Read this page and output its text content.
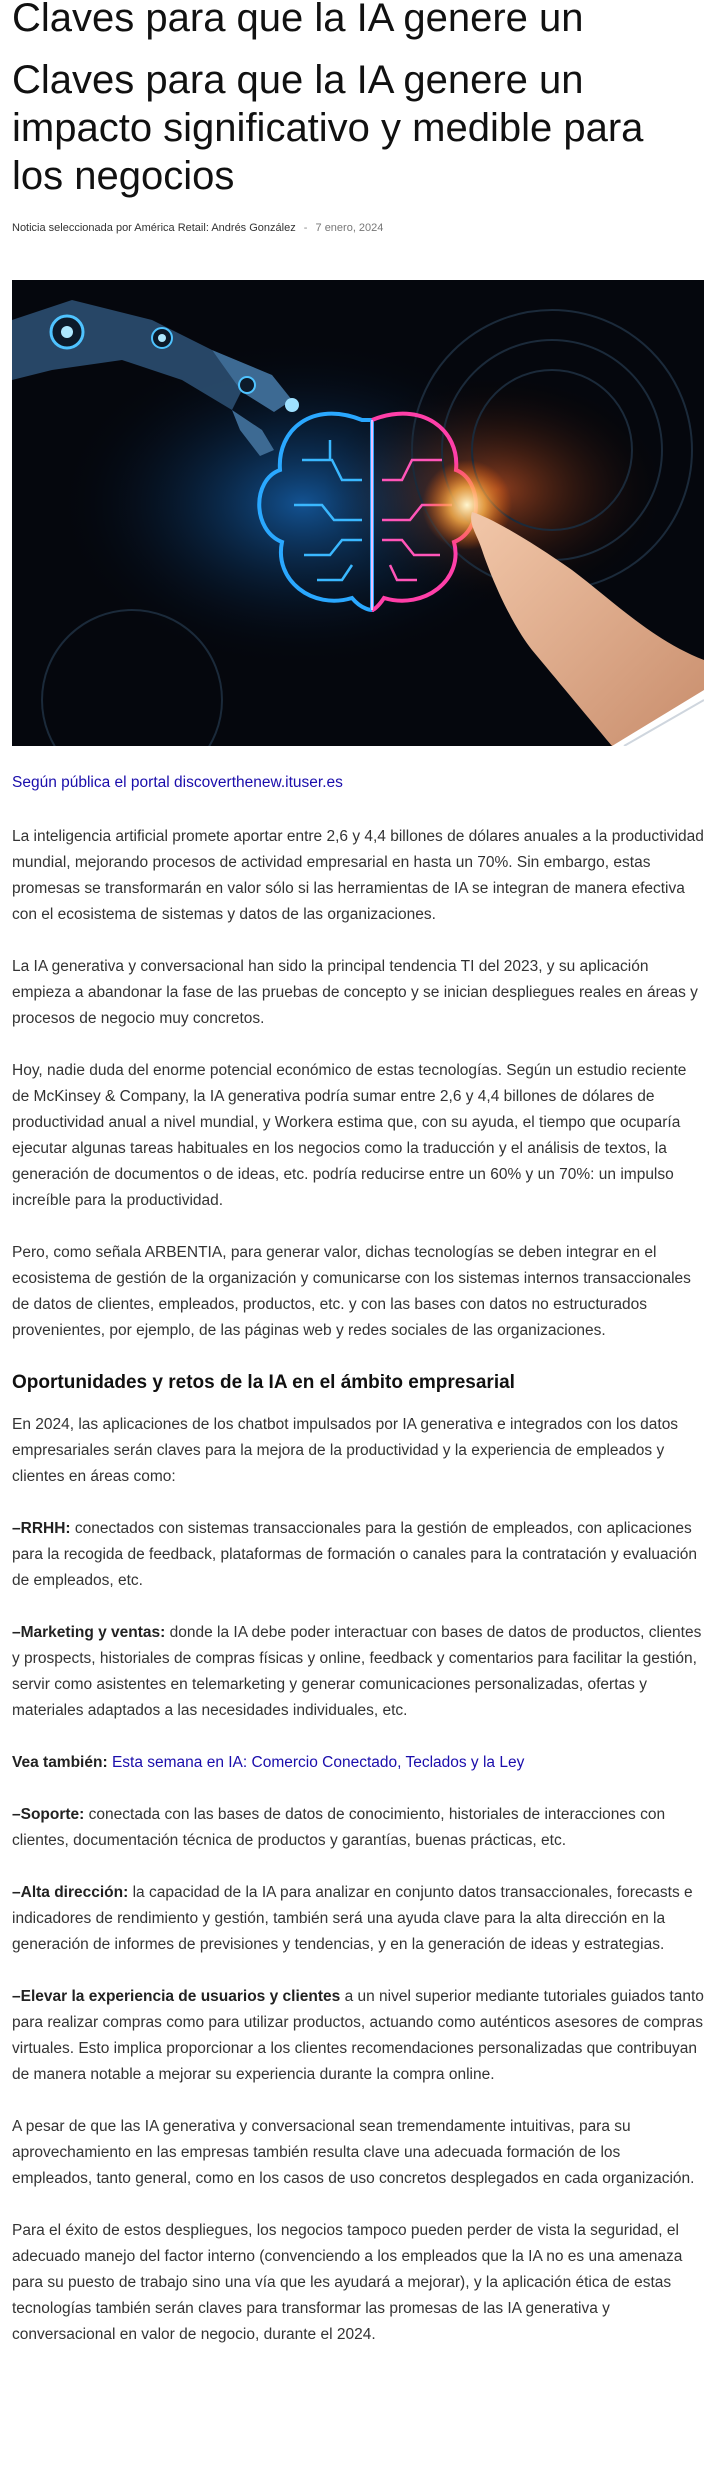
Claves para que la IA genere un
Claves para que la IA genere un impacto significativo y medible para los negocios
Noticia seleccionada por América Retail: Andrés González - 7 enero, 2024

Según pública el portal discoverthenew.ituser.es

La inteligencia artificial promete aportar entre 2,6 y 4,4 billones de dólares anuales a la productividad mundial, mejorando procesos de actividad empresarial en hasta un 70%. Sin embargo, estas promesas se transformarán en valor sólo si las herramientas de IA se integran de manera efectiva con el ecosistema de sistemas y datos de las organizaciones.

La IA generativa y conversacional han sido la principal tendencia TI del 2023, y su aplicación empieza a abandonar la fase de las pruebas de concepto y se inician despliegues reales en áreas y procesos de negocio muy concretos.

Hoy, nadie duda del enorme potencial económico de estas tecnologías. Según un estudio reciente de McKinsey & Company, la IA generativa podría sumar entre 2,6 y 4,4 billones de dólares de productividad anual a nivel mundial, y Workera estima que, con su ayuda, el tiempo que ocuparía ejecutar algunas tareas habituales en los negocios como la traducción y el análisis de textos, la generación de documentos o de ideas, etc. podría reducirse entre un 60% y un 70%: un impulso increíble para la productividad.

Pero, como señala ARBENTIA, para generar valor, dichas tecnologías se deben integrar en el ecosistema de gestión de la organización y comunicarse con los sistemas internos transaccionales de datos de clientes, empleados, productos, etc. y con las bases con datos no estructurados provenientes, por ejemplo, de las páginas web y redes sociales de las organizaciones.

Oportunidades y retos de la IA en el ámbito empresarial

En 2024, las aplicaciones de los chatbot impulsados por IA generativa e integrados con los datos empresariales serán claves para la mejora de la productividad y la experiencia de empleados y clientes en áreas como:

–RRHH: conectados con sistemas transaccionales para la gestión de empleados, con aplicaciones para la recogida de feedback, plataformas de formación o canales para la contratación y evaluación de empleados, etc.

–Marketing y ventas: donde la IA debe poder interactuar con bases de datos de productos, clientes y prospects, historiales de compras físicas y online, feedback y comentarios para facilitar la gestión, servir como asistentes en telemarketing y generar comunicaciones personalizadas, ofertas y materiales adaptados a las necesidades individuales, etc.

Vea también: Esta semana en IA: Comercio Conectado, Teclados y la Ley

–Soporte: conectada con las bases de datos de conocimiento, historiales de interacciones con clientes, documentación técnica de productos y garantías, buenas prácticas, etc.

–Alta dirección: la capacidad de la IA para analizar en conjunto datos transaccionales, forecasts e indicadores de rendimiento y gestión, también será una ayuda clave para la alta dirección en la generación de informes de previsiones y tendencias, y en la generación de ideas y estrategias.

–Elevar la experiencia de usuarios y clientes a un nivel superior mediante tutoriales guiados tanto para realizar compras como para utilizar productos, actuando como auténticos asesores de compras virtuales. Esto implica proporcionar a los clientes recomendaciones personalizadas que contribuyan de manera notable a mejorar su experiencia durante la compra online.

A pesar de que las IA generativa y conversacional sean tremendamente intuitivas, para su aprovechamiento en las empresas también resulta clave una adecuada formación de los empleados, tanto general, como en los casos de uso concretos desplegados en cada organización.

Para el éxito de estos despliegues, los negocios tampoco pueden perder de vista la seguridad, el adecuado manejo del factor interno (convenciendo a los empleados que la IA no es una amenaza para su puesto de trabajo sino una vía que les ayudará a mejorar), y la aplicación ética de estas tecnologías también serán claves para transformar las promesas de las IA generativa y conversacional en valor de negocio, durante el 2024.
